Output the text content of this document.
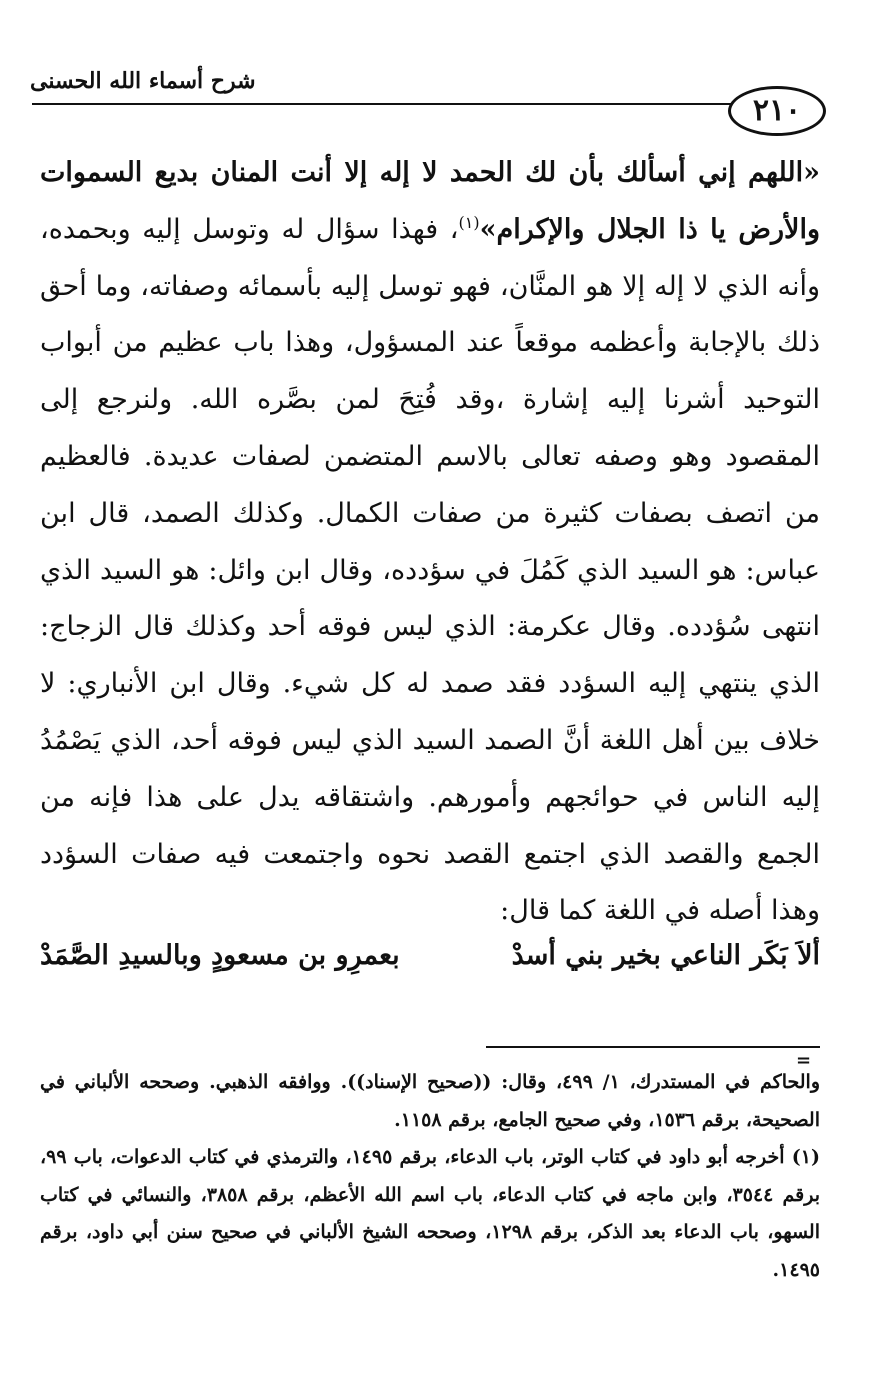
شرح أسماء الله الحسنى
٢١٠

«اللهم إني أسألك بأن لك الحمد لا إله إلا أنت المنان بديع السموات والأرض يا ذا الجلال والإكرام»$^{(١)}$، فهذا سؤال له وتوسل إليه وبحمده، وأنه الذي لا إله إلا هو المنَّان، فهو توسل إليه بأسمائه وصفاته، وما أحق ذلك بالإجابة وأعظمه موقعاً عند المسؤول، وهذا باب عظيم من أبواب التوحيد أشرنا إليه إشارة ،وقد فُتِحَ لمن بصَّره الله. ولنرجع إلى المقصود وهو وصفه تعالى بالاسم المتضمن لصفات عديدة. فالعظيم من اتصف بصفات كثيرة من صفات الكمال. وكذلك الصمد، قال ابن عباس: هو السيد الذي كَمُلَ في سؤدده، وقال ابن وائل: هو السيد الذي انتهى سُؤدده. وقال عكرمة: الذي ليس فوقه أحد وكذلك قال الزجاج: الذي ينتهي إليه السؤدد فقد صمد له كل شيء. وقال ابن الأنباري: لا خلاف بين أهل اللغة أنَّ الصمد السيد الذي ليس فوقه أحد، الذي يَصْمُدُ إليه الناس في حوائجهم وأمورهم. واشتقاقه يدل على هذا فإنه من الجمع والقصد الذي اجتمع القصد نحوه واجتمعت فيه صفات السؤدد وهذا أصله في اللغة كما قال:

ألاَ بَكَر الناعي بخير بني أسدْ
بعمرِو بن مسعودٍ وبالسيدِ الصَّمَدْ
=

والحاكم في المستدرك، ١/ ٤٩٩، وقال: ((صحيح الإسناد)). ووافقه الذهبي. وصححه الألباني في الصحيحة، برقم ١٥٣٦، وفي صحيح الجامع، برقم ١١٥٨.

(١) أخرجه أبو داود في كتاب الوتر، باب الدعاء، برقم ١٤٩٥، والترمذي في كتاب الدعوات، باب ٩٩، برقم ٣٥٤٤، وابن ماجه في كتاب الدعاء، باب اسم الله الأعظم، برقم ٣٨٥٨، والنسائي في كتاب السهو، باب الدعاء بعد الذكر، برقم ١٢٩٨، وصححه الشيخ الألباني في صحيح سنن أبي داود، برقم ١٤٩٥.
